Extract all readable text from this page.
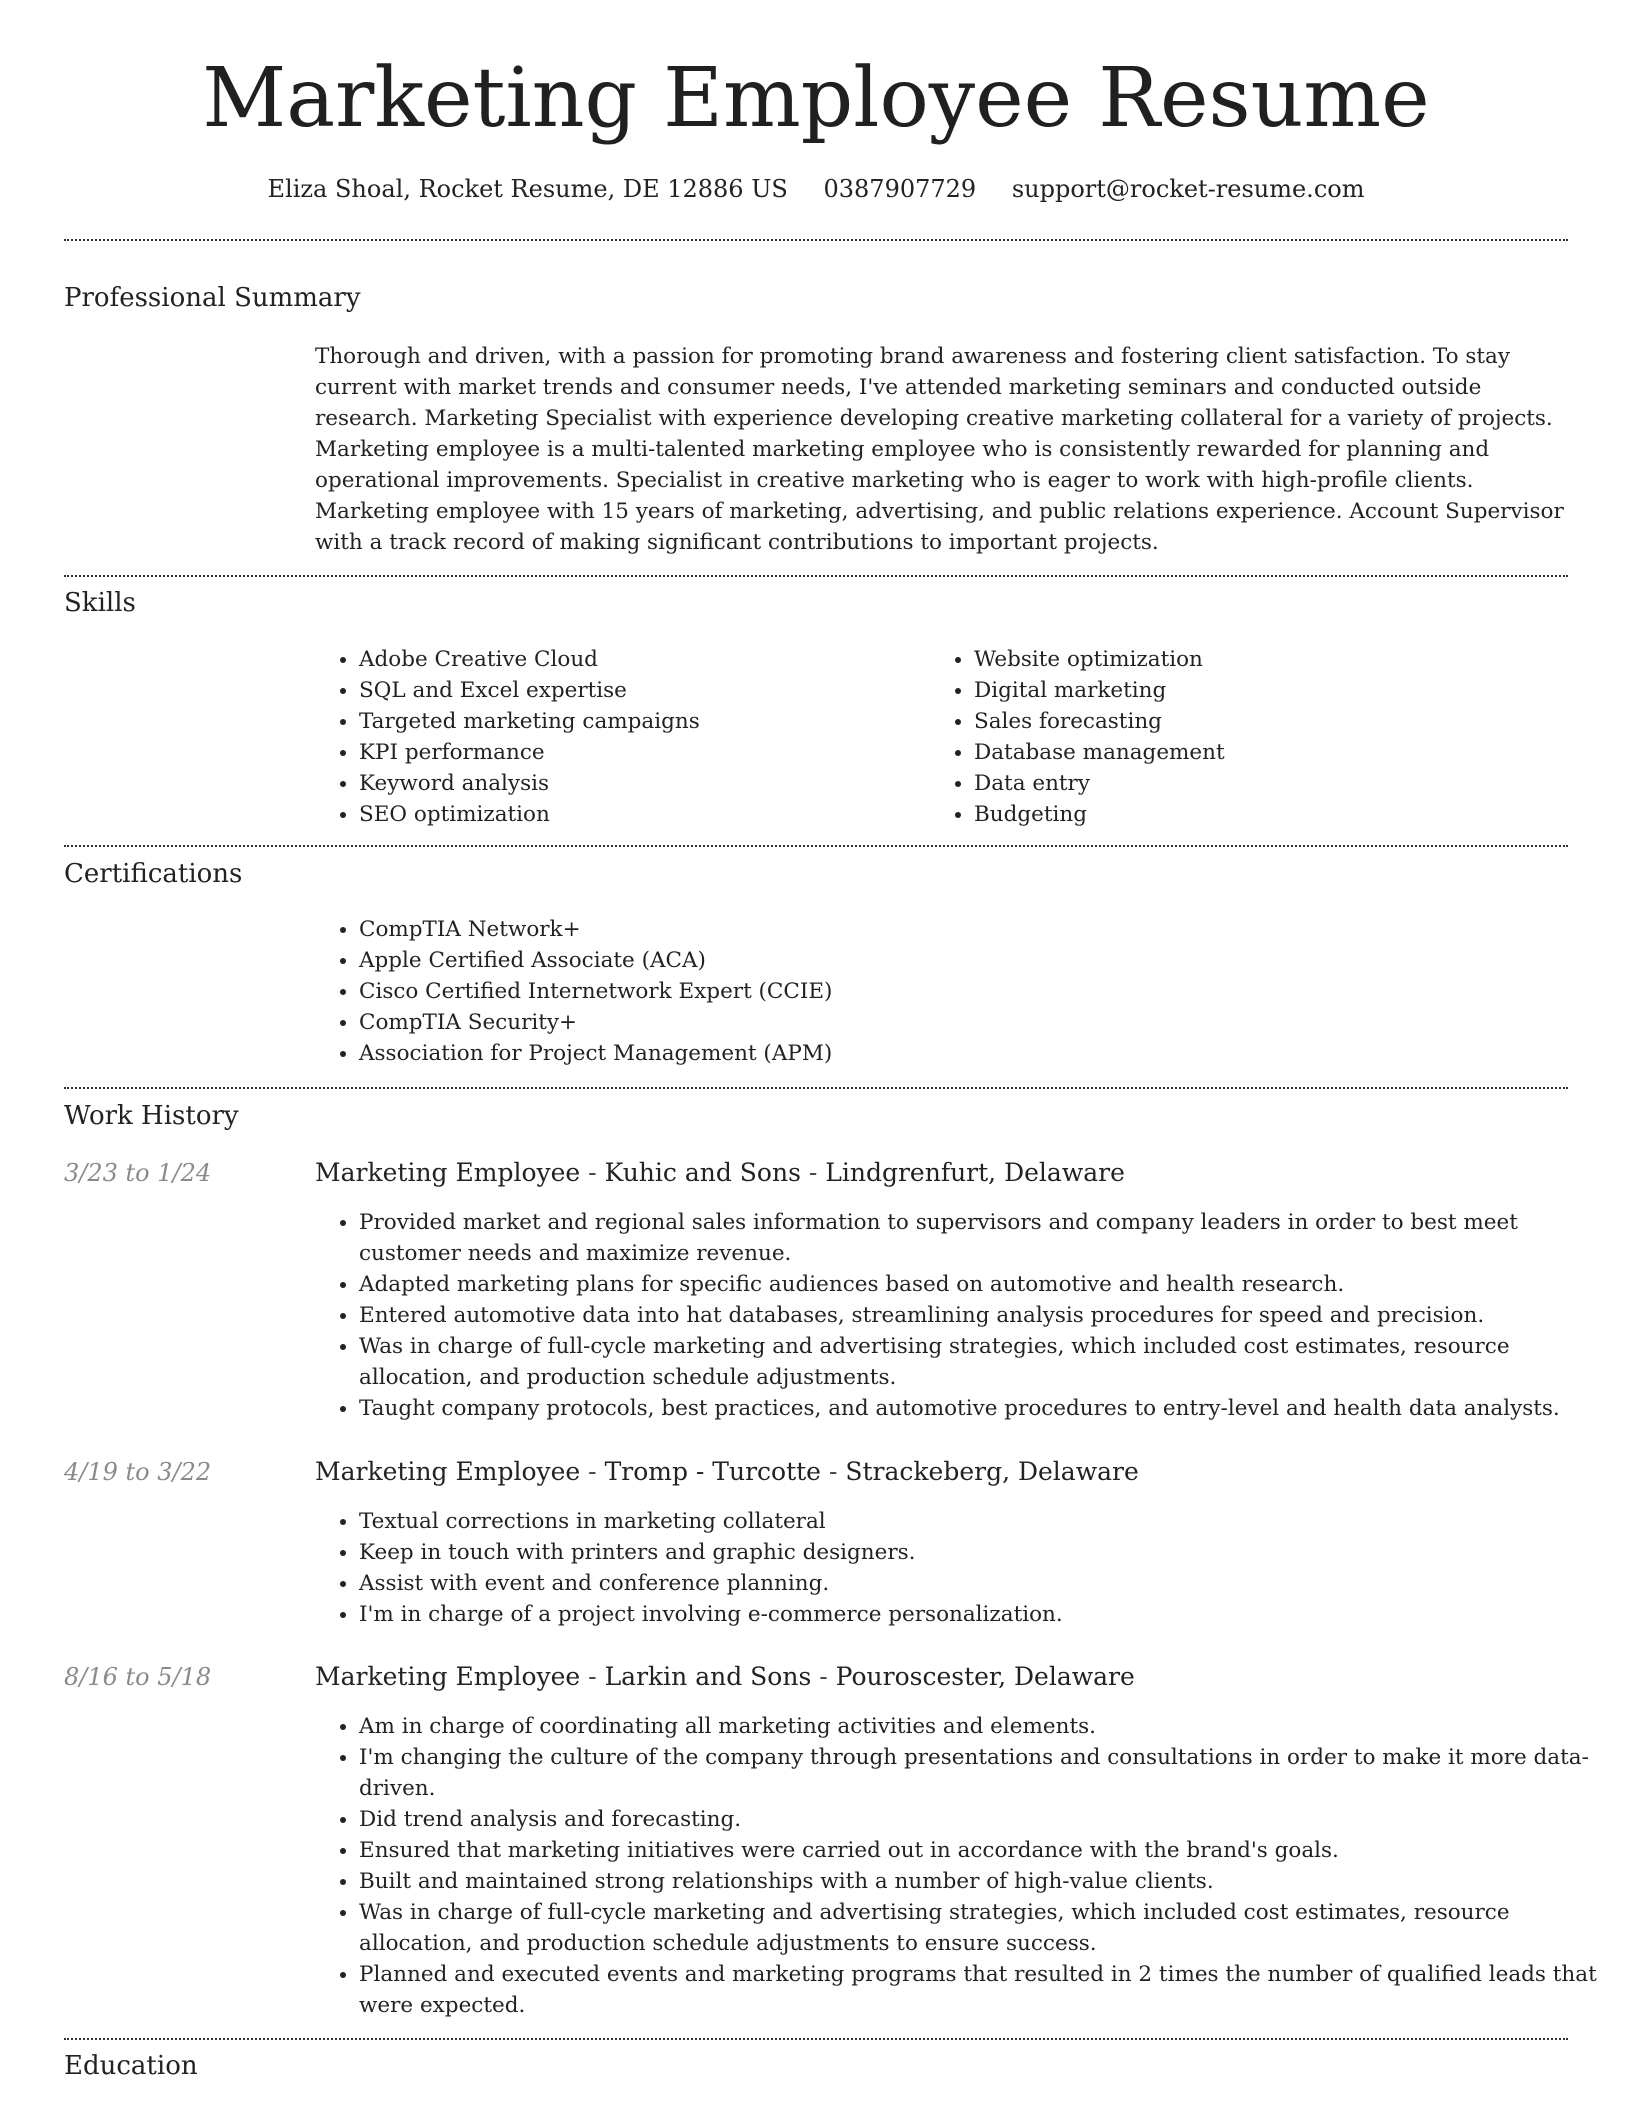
Marketing Employee Resume
Eliza Shoal, Rocket Resume, DE 12886 US 0387907729 support@rocket-resume.com
Professional Summary

Thorough and driven, with a passion for promoting brand awareness and fostering client satisfaction. To stay current with market trends and consumer needs, I've attended marketing seminars and conducted outside research. Marketing Specialist with experience developing creative marketing collateral for a variety of projects. Marketing employee is a multi-talented marketing employee who is consistently rewarded for planning and operational improvements. Specialist in creative marketing who is eager to work with high-profile clients. Marketing employee with 15 years of marketing, advertising, and public relations experience. Account Supervisor with a track record of making significant contributions to important projects.

Skills
• Adobe Creative Cloud
• SQL and Excel expertise
• Targeted marketing campaigns
• KPI performance
• Keyword analysis
• SEO optimization
• Website optimization
• Digital marketing
• Sales forecasting
• Database management
• Data entry
• Budgeting
Certifications
• CompTIA Network+
• Apple Certified Associate (ACA)
• Cisco Certified Internetwork Expert (CCIE)
• CompTIA Security+
• Association for Project Management (APM)
Work History
3/23 to 1/24	Marketing Employee - Kuhic and Sons - Lindgrenfurt, Delaware
• Provided market and regional sales information to supervisors and company leaders in order to best meet customer needs and maximize revenue.
• Adapted marketing plans for specific audiences based on automotive and health research.
• Entered automotive data into hat databases, streamlining analysis procedures for speed and precision.
• Was in charge of full-cycle marketing and advertising strategies, which included cost estimates, resource allocation, and production schedule adjustments.
• Taught company protocols, best practices, and automotive procedures to entry-level and health data analysts.
4/19 to 3/22	Marketing Employee - Tromp - Turcotte - Strackeberg, Delaware
• Textual corrections in marketing collateral
• Keep in touch with printers and graphic designers.
• Assist with event and conference planning.
• I'm in charge of a project involving e-commerce personalization.
8/16 to 5/18	Marketing Employee - Larkin and Sons - Pouroscester, Delaware
• Am in charge of coordinating all marketing activities and elements.
• I'm changing the culture of the company through presentations and consultations in order to make it more data-driven.
• Did trend analysis and forecasting.
• Ensured that marketing initiatives were carried out in accordance with the brand's goals.
• Built and maintained strong relationships with a number of high-value clients.
• Was in charge of full-cycle marketing and advertising strategies, which included cost estimates, resource allocation, and production schedule adjustments to ensure success.
• Planned and executed events and marketing programs that resulted in 2 times the number of qualified leads that were expected.
Education
